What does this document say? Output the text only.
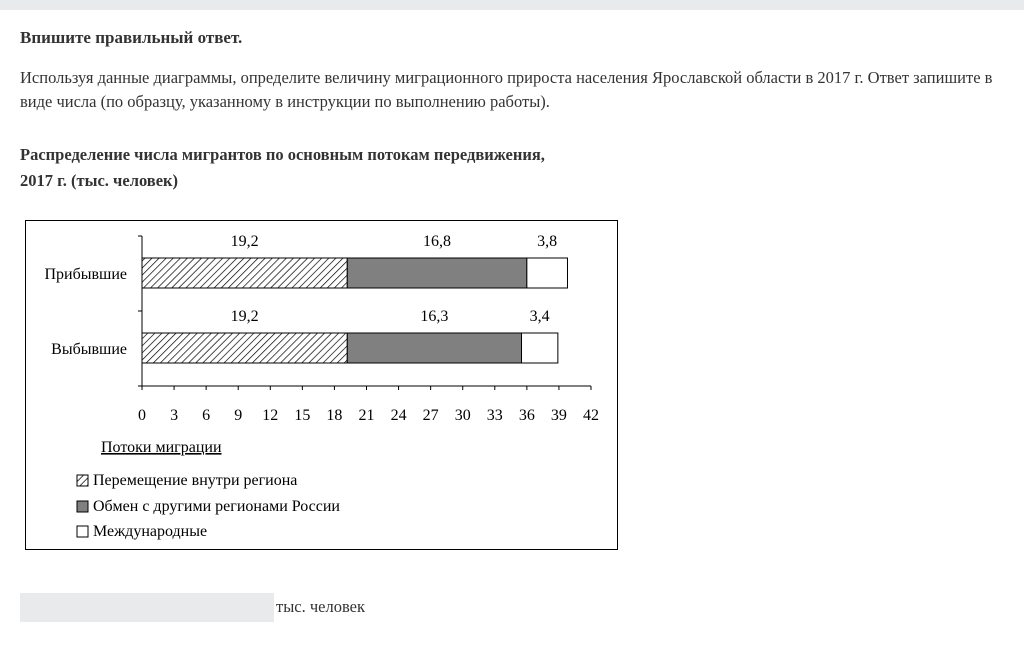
Впишите правильный ответ.
Используя данные диаграммы, определите величину миграционного прироста населения Ярославской области в 2017 г. Ответ запишите в виде числа (по образцу, указанному в инструкции по выполнению работы).
Распределение числа мигрантов по основным потокам передвижения,
2017 г. (тыс. человек)
0 3 6 9 12 15 18 21 24 27 30 33 36 39 42
Прибывшие
19,2	16,8	3,8
Выбывшие
19,2	16,3	3,4
Потоки миграции
Перемещение внутри региона
Обмен с другими регионами России
Международные
тыс. человек
